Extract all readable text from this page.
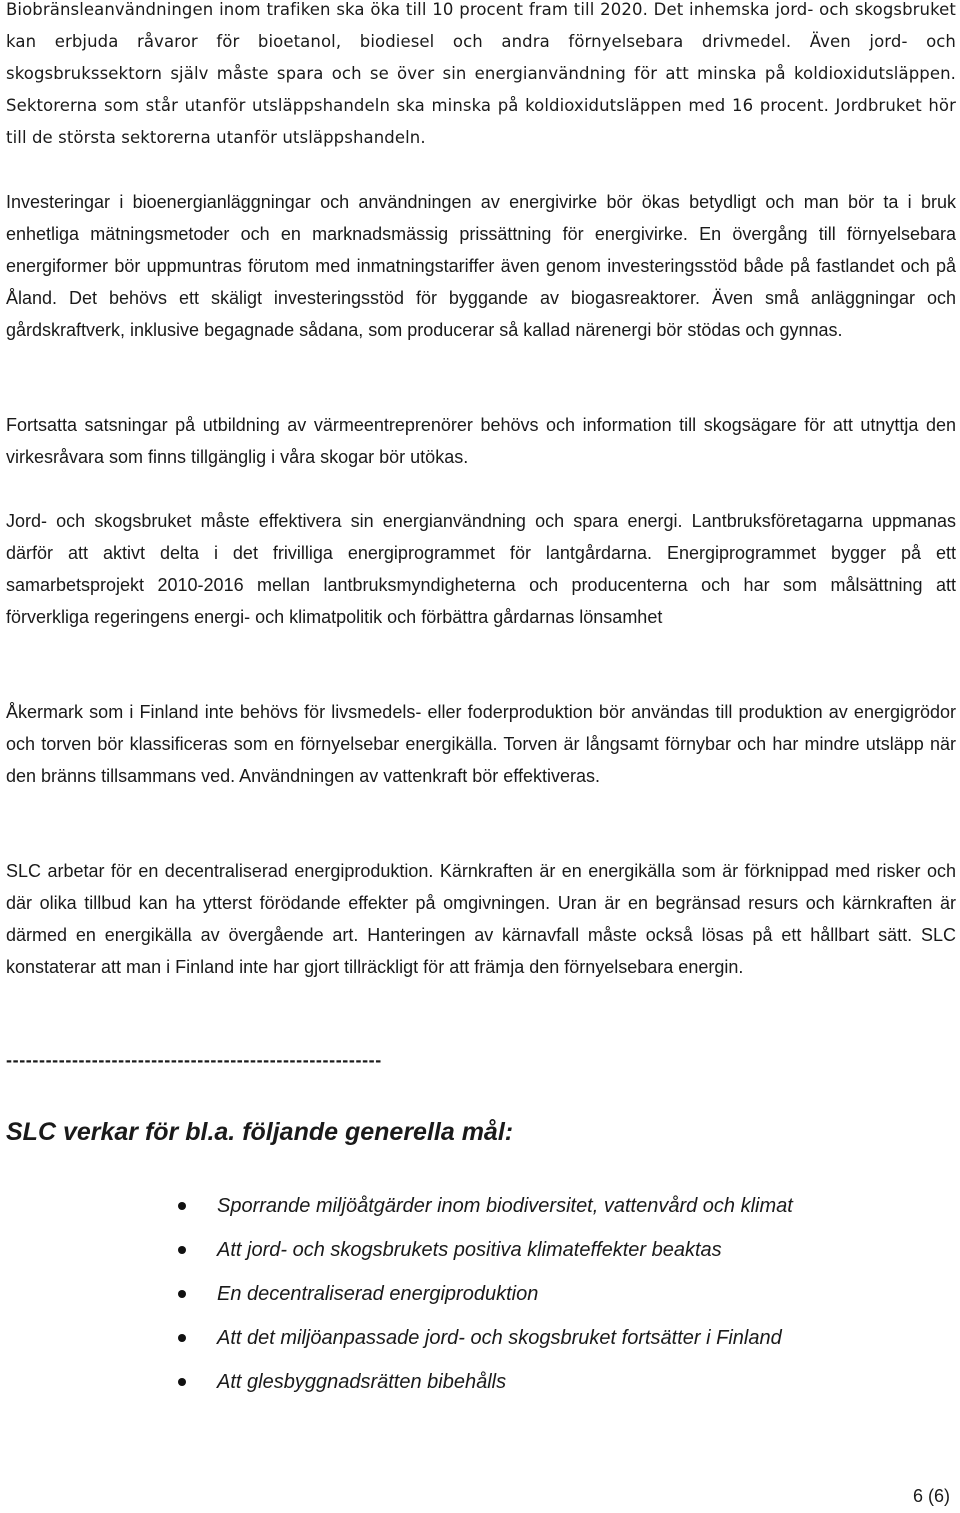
Biobränsleanvändningen inom trafiken ska öka till 10 procent fram till 2020. Det inhemska jord- och skogsbruket kan erbjuda råvaror för bioetanol, biodiesel och andra förnyelsebara drivmedel. Även jord- och skogsbrukssektorn själv måste spara och se över sin energianvändning för att minska på koldioxidutsläppen. Sektorerna som står utanför utsläppshandeln ska minska på koldioxidutsläppen med 16 procent. Jordbruket hör till de största sektorerna utanför utsläppshandeln.

Investeringar i bioenergianläggningar och användningen av energivirke bör ökas betydligt och man bör ta i bruk enhetliga mätningsmetoder och en marknadsmässig prissättning för energivirke. En övergång till förnyelsebara energiformer bör uppmuntras förutom med inmatningstariffer även genom investeringsstöd både på fastlandet och på Åland. Det behövs ett skäligt investeringsstöd för byggande av biogasreaktorer. Även små anläggningar och gårdskraftverk, inklusive begagnade sådana, som producerar så kallad närenergi bör stödas och gynnas.

Fortsatta satsningar på utbildning av värmeentreprenörer behövs och information till skogsägare för att utnyttja den virkesråvara som finns tillgänglig i våra skogar bör utökas.

Jord- och skogsbruket måste effektivera sin energianvändning och spara energi. Lantbruksföretagarna uppmanas därför att aktivt delta i det frivilliga energiprogrammet för lantgårdarna. Energiprogrammet bygger på ett samarbetsprojekt 2010-2016 mellan lantbruksmyndigheterna och producenterna och har som målsättning att förverkliga regeringens energi- och klimatpolitik och förbättra gårdarnas lönsamhet

Åkermark som i Finland inte behövs för livsmedels- eller foderproduktion bör användas till produktion av energigrödor och torven bör klassificeras som en förnyelsebar energikälla. Torven är långsamt förnybar och har mindre utsläpp när den bränns tillsammans ved. Användningen av vattenkraft bör effektiveras.

SLC arbetar för en decentraliserad energiproduktion. Kärnkraften är en energikälla som är förknippad med risker och där olika tillbud kan ha ytterst förödande effekter på omgivningen. Uran är en begränsad resurs och kärnkraften är därmed en energikälla av övergående art. Hanteringen av kärnavfall måste också lösas på ett hållbart sätt. SLC konstaterar att man i Finland inte har gjort tillräckligt för att främja den förnyelsebara energin.

---------------------------------------------------------

SLC verkar för bl.a. följande generella mål:
Sporrande miljöåtgärder inom biodiversitet, vattenvård och klimat
Att jord- och skogsbrukets positiva klimateffekter beaktas
En decentraliserad energiproduktion
Att det miljöanpassade jord- och skogsbruket fortsätter i Finland
Att glesbyggnadsrätten bibehålls

6 (6)
